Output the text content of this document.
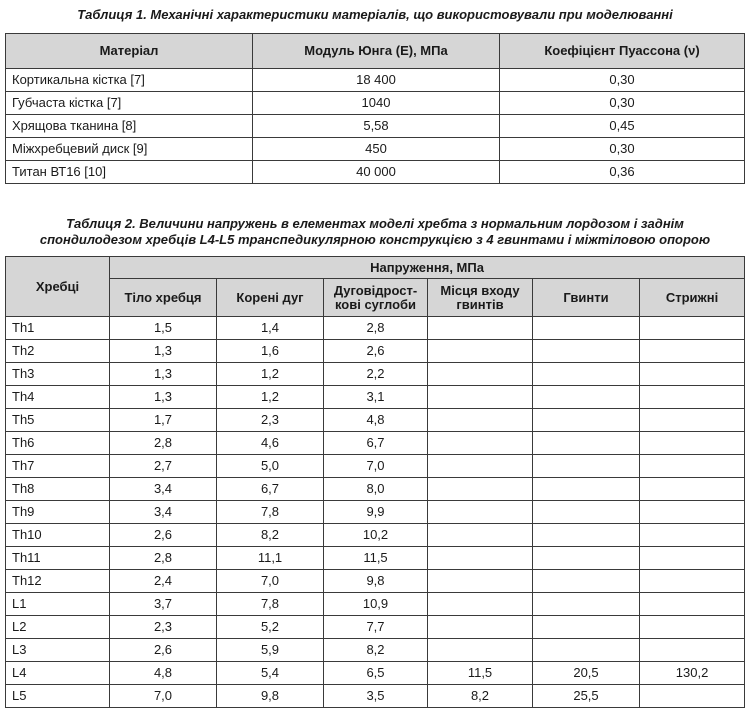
Таблиця 1. Механічні характеристики матеріалів, що використовували при моделюванні

Матеріал	Модуль Юнга (Е), МПа	Коефіцієнт Пуассона (ν)
Кортикальна кістка [7]	18 400	0,30
Губчаста кістка [7]	1040	0,30
Хрящова тканина [8]	5,58	0,45
Міжхребцевий диск [9]	450	0,30
Титан ВТ16 [10]	40 000	0,36

Таблиця 2. Величини напружень в елементах моделі хребта з нормальним лордозом і заднім
спондилодезом хребців L4-L5 транспедикулярною конструкцією з 4 гвинтами і міжтіловою опорою

Хребці	Напруження, МПа					
	Тіло хребця	Корені дуг	Дуговідрост-кові суглоби	Місця входу гвинтів	Гвинти	Стрижні
Th1	1,5	1,4	2,8			
Th2	1,3	1,6	2,6			
Th3	1,3	1,2	2,2			
Th4	1,3	1,2	3,1			
Th5	1,7	2,3	4,8			
Th6	2,8	4,6	6,7			
Th7	2,7	5,0	7,0			
Th8	3,4	6,7	8,0			
Th9	3,4	7,8	9,9			
Th10	2,6	8,2	10,2			
Th11	2,8	11,1	11,5			
Th12	2,4	7,0	9,8			
L1	3,7	7,8	10,9			
L2	2,3	5,2	7,7			
L3	2,6	5,9	8,2			
L4	4,8	5,4	6,5	11,5	20,5	130,2
L5	7,0	9,8	3,5	8,2	25,5	
